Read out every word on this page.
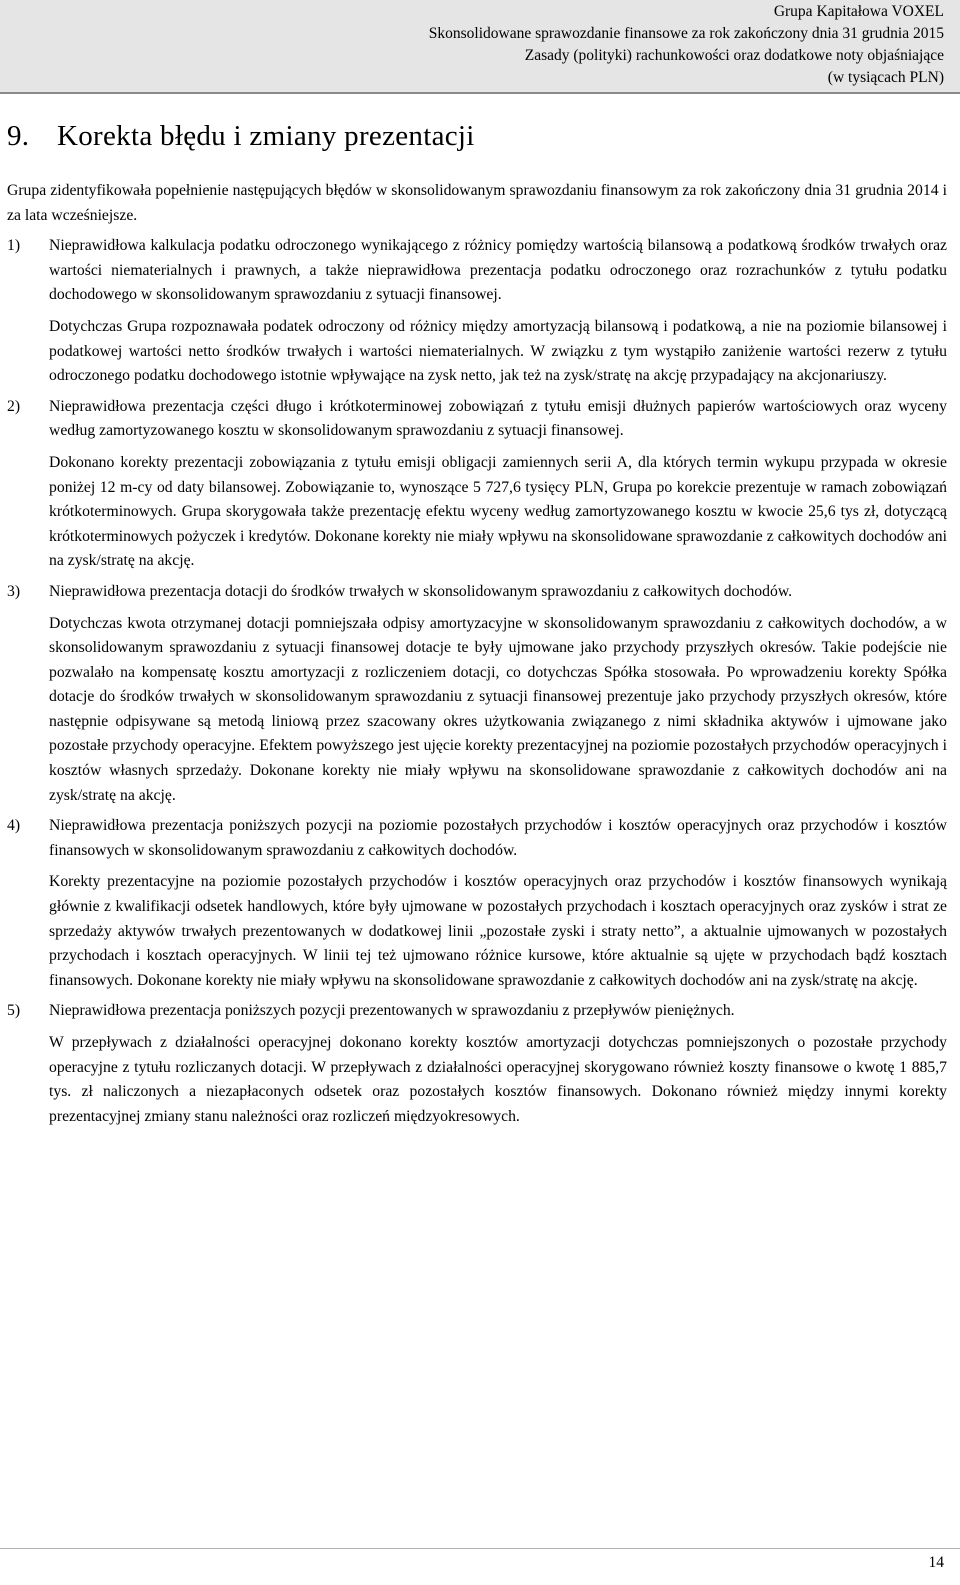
Grupa Kapitałowa VOXEL
Skonsolidowane sprawozdanie finansowe za rok zakończony dnia 31 grudnia 2015
Zasady (polityki) rachunkowości oraz dodatkowe noty objaśniające
(w tysiącach PLN)
9. Korekta błędu i zmiany prezentacji

Grupa zidentyfikowała popełnienie następujących błędów w skonsolidowanym sprawozdaniu finansowym za rok zakończony dnia 31 grudnia 2014 i za lata wcześniejsze.

1)	Nieprawidłowa kalkulacja podatku odroczonego wynikającego z różnicy pomiędzy wartością bilansową a podatkową środków trwałych oraz wartości niematerialnych i prawnych, a także nieprawidłowa prezentacja podatku odroczonego oraz rozrachunków z tytułu podatku dochodowego w skonsolidowanym sprawozdaniu z sytuacji finansowej.

Dotychczas Grupa rozpoznawała podatek odroczony od różnicy między amortyzacją bilansową i podatkową, a nie na poziomie bilansowej i podatkowej wartości netto środków trwałych i wartości niematerialnych. W związku z tym wystąpiło zaniżenie wartości rezerw z tytułu odroczonego podatku dochodowego istotnie wpływające na zysk netto, jak też na zysk/stratę na akcję przypadający na akcjonariuszy.

2)	Nieprawidłowa prezentacja części długo i krótkoterminowej zobowiązań z tytułu emisji dłużnych papierów wartościowych oraz wyceny według zamortyzowanego kosztu w skonsolidowanym sprawozdaniu z sytuacji finansowej.

Dokonano korekty prezentacji zobowiązania z tytułu emisji obligacji zamiennych serii A, dla których termin wykupu przypada w okresie poniżej 12 m-cy od daty bilansowej. Zobowiązanie to, wynoszące 5 727,6 tysięcy PLN, Grupa po korekcie prezentuje w ramach zobowiązań krótkoterminowych. Grupa skorygowała także prezentację efektu wyceny według zamortyzowanego kosztu w kwocie 25,6 tys zł, dotyczącą krótkoterminowych pożyczek i kredytów. Dokonane korekty nie miały wpływu na skonsolidowane sprawozdanie z całkowitych dochodów ani na zysk/stratę na akcję.

3)	Nieprawidłowa prezentacja dotacji do środków trwałych w skonsolidowanym sprawozdaniu z całkowitych dochodów.

Dotychczas kwota otrzymanej dotacji pomniejszała odpisy amortyzacyjne w skonsolidowanym sprawozdaniu z całkowitych dochodów, a w skonsolidowanym sprawozdaniu z sytuacji finansowej dotacje te były ujmowane jako przychody przyszłych okresów. Takie podejście nie pozwalało na kompensatę kosztu amortyzacji z rozliczeniem dotacji, co dotychczas Spółka stosowała. Po wprowadzeniu korekty Spółka dotacje do środków trwałych w skonsolidowanym sprawozdaniu z sytuacji finansowej prezentuje jako przychody przyszłych okresów, które następnie odpisywane są metodą liniową przez szacowany okres użytkowania związanego z nimi składnika aktywów i ujmowane jako pozostałe przychody operacyjne. Efektem powyższego jest ujęcie korekty prezentacyjnej na poziomie pozostałych przychodów operacyjnych i kosztów własnych sprzedaży. Dokonane korekty nie miały wpływu na skonsolidowane sprawozdanie z całkowitych dochodów ani na zysk/stratę na akcję.

4)	Nieprawidłowa prezentacja poniższych pozycji na poziomie pozostałych przychodów i kosztów operacyjnych oraz przychodów i kosztów finansowych w skonsolidowanym sprawozdaniu z całkowitych dochodów.

Korekty prezentacyjne na poziomie pozostałych przychodów i kosztów operacyjnych oraz przychodów i kosztów finansowych wynikają głównie z kwalifikacji odsetek handlowych, które były ujmowane w pozostałych przychodach i kosztach operacyjnych oraz zysków i strat ze sprzedaży aktywów trwałych prezentowanych w dodatkowej linii „pozostałe zyski i straty netto”, a aktualnie ujmowanych w pozostałych przychodach i kosztach operacyjnych. W linii tej też ujmowano różnice kursowe, które aktualnie są ujęte w przychodach bądź kosztach finansowych. Dokonane korekty nie miały wpływu na skonsolidowane sprawozdanie z całkowitych dochodów ani na zysk/stratę na akcję.

5)	Nieprawidłowa prezentacja poniższych pozycji prezentowanych w sprawozdaniu z przepływów pieniężnych.

W przepływach z działalności operacyjnej dokonano korekty kosztów amortyzacji dotychczas pomniejszonych o pozostałe przychody operacyjne z tytułu rozliczanych dotacji. W przepływach z działalności operacyjnej skorygowano również koszty finansowe o kwotę 1 885,7 tys. zł naliczonych a niezapłaconych odsetek oraz pozostałych kosztów finansowych. Dokonano również między innymi korekty prezentacyjnej zmiany stanu należności oraz rozliczeń międzyokresowych.

14
